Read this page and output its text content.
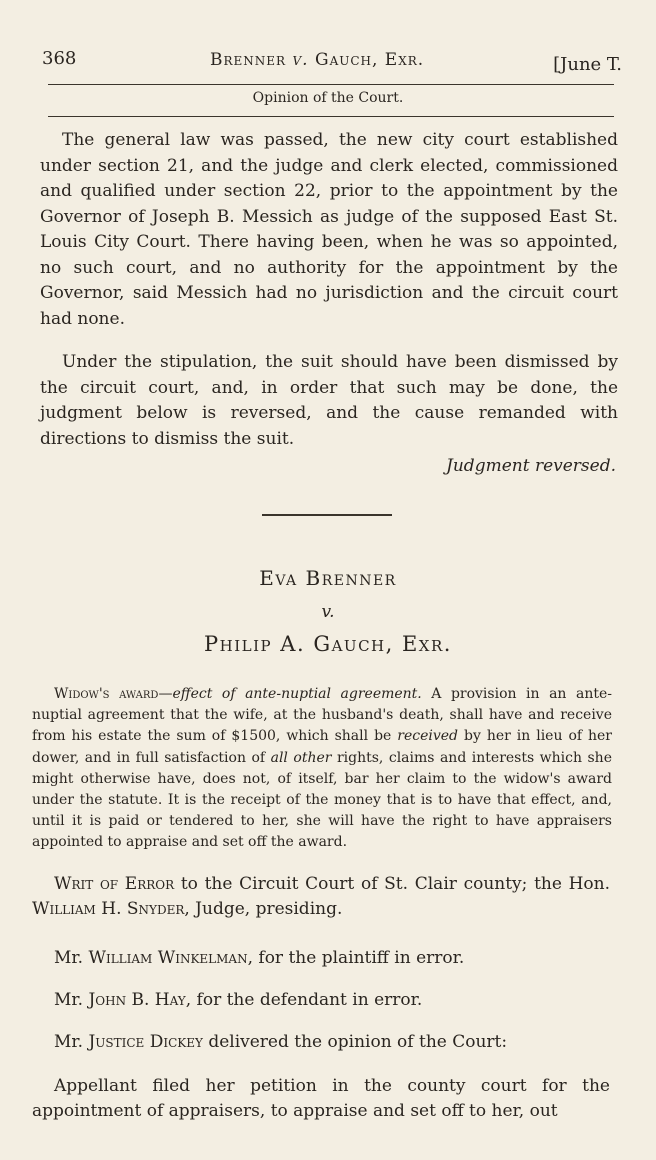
368	Brenner v. Gauch, Exr.	[June T.
Opinion of the Court.

The general law was passed, the new city court established under section 21, and the judge and clerk elected, commissioned and qualified under section 22, prior to the appointment by the Governor of Joseph B. Messich as judge of the supposed East St. Louis City Court. There having been, when he was so appointed, no such court, and no authority for the appointment by the Governor, said Messich had no jurisdiction and the circuit court had none.

Under the stipulation, the suit should have been dismissed by the circuit court, and, in order that such may be done, the judgment below is reversed, and the cause remanded with directions to dismiss the suit.

Judgment reversed.
Eva Brenner
v.
Philip A. Gauch, Exr.

Widow's award—effect of ante-nuptial agreement. A provision in an ante-nuptial agreement that the wife, at the husband's death, shall have and receive from his estate the sum of $1500, which shall be received by her in lieu of her dower, and in full satisfaction of all other rights, claims and interests which she might otherwise have, does not, of itself, bar her claim to the widow's award under the statute. It is the receipt of the money that is to have that effect, and, until it is paid or tendered to her, she will have the right to have appraisers appointed to appraise and set off the award.

Writ of Error to the Circuit Court of St. Clair county; the Hon. William H. Snyder, Judge, presiding.

Mr. William Winkelman, for the plaintiff in error.

Mr. John B. Hay, for the defendant in error.

Mr. Justice Dickey delivered the opinion of the Court:

Appellant filed her petition in the county court for the appointment of appraisers, to appraise and set off to her, out
